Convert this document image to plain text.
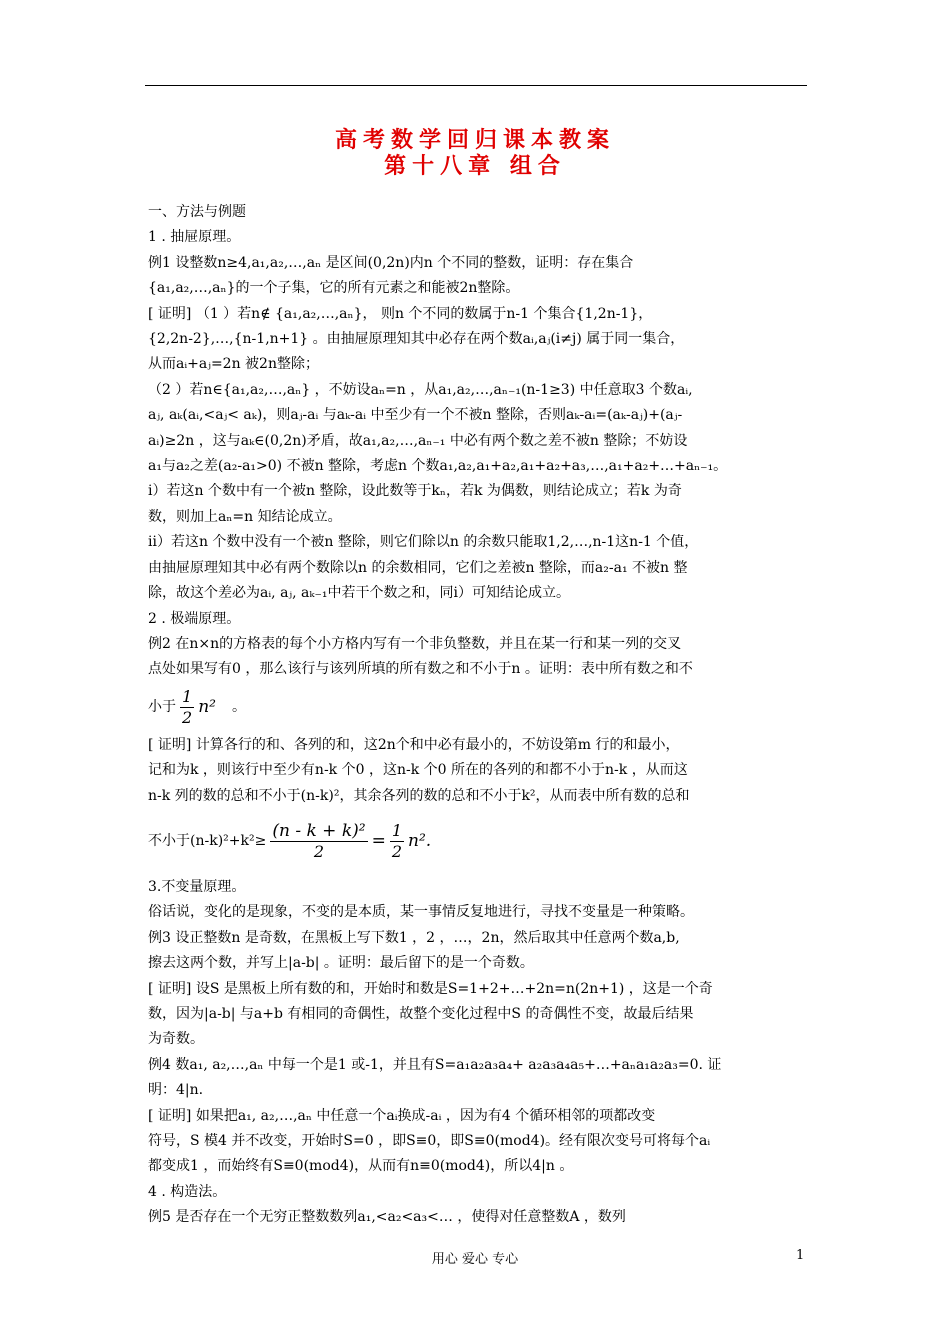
高考数学回归课本教案
第十八章 组合

一、方法与例题

1 . 抽屉原理。

例1 设整数n≥4,a₁,a₂,…,aₙ 是区间(0,2n)内n 个不同的整数，证明：存在集合

{a₁,a₂,…,aₙ}的一个子集，它的所有元素之和能被2n整除。

[ 证明] （1 ）若n∉ {a₁,a₂,…,aₙ}， 则n 个不同的数属于n-1 个集合{1,2n-1}，

{2,2n-2},…,{n-1,n+1} 。由抽屉原理知其中必存在两个数aᵢ,aⱼ(i≠j) 属于同一集合，

从而aᵢ+aⱼ=2n 被2n整除；

（2 ）若n∈{a₁,a₂,…,aₙ} ，不妨设aₙ=n ，从a₁,a₂,…,aₙ₋₁(n-1≥3) 中任意取3 个数aᵢ,

aⱼ, aₖ(aᵢ,<aⱼ< aₖ)，则aⱼ-aᵢ 与aₖ-aᵢ 中至少有一个不被n 整除，否则aₖ-aᵢ=(aₖ-aⱼ)+(aⱼ-

aᵢ)≥2n ，这与aₖ∈(0,2n)矛盾，故a₁,a₂,…,aₙ₋₁ 中必有两个数之差不被n 整除；不妨设

a₁与a₂之差(a₂-a₁>0) 不被n 整除，考虑n 个数a₁,a₂,a₁+a₂,a₁+a₂+a₃,…,a₁+a₂+…+aₙ₋₁。

ⅰ）若这n 个数中有一个被n 整除，设此数等于kₙ，若k 为偶数，则结论成立；若k 为奇

数，则加上aₙ=n 知结论成立。

ⅱ）若这n 个数中没有一个被n 整除，则它们除以n 的余数只能取1,2,…,n-1这n-1 个值，

由抽屉原理知其中必有两个数除以n 的余数相同，它们之差被n 整除，而a₂-a₁ 不被n 整

除，故这个差必为aᵢ, aⱼ, aₖ₋₁中若干个数之和，同ⅰ）可知结论成立。

2 . 极端原理。

例2 在n×n的方格表的每个小方格内写有一个非负整数，并且在某一行和某一列的交叉

点处如果写有0 ，那么该行与该列所填的所有数之和不小于n 。证明：表中所有数之和不

小于 $\frac{1}{2} n^2$ 。

[ 证明] 计算各行的和、各列的和，这2n个和中必有最小的，不妨设第m 行的和最小，

记和为k ，则该行中至少有n-k 个0 ，这n-k 个0 所在的各列的和都不小于n-k ，从而这

n-k 列的数的总和不小于(n-k)²，其余各列的数的总和不小于k²，从而表中所有数的总和

不小于$(n-k)^2+k^2\ge \frac{\text{(n - k + k)²}}{2} = \frac{1}{2} n^2$.

3.不变量原理。

俗话说，变化的是现象，不变的是本质，某一事情反复地进行，寻找不变量是一种策略。

例3 设正整数n 是奇数，在黑板上写下数1 ，2 ，…，2n，然后取其中任意两个数a,b,

擦去这两个数，并写上|a-b| 。证明：最后留下的是一个奇数。

[ 证明] 设S 是黑板上所有数的和，开始时和数是S=1+2+…+2n=n(2n+1) ，这是一个奇

数，因为|a-b| 与a+b 有相同的奇偶性，故整个变化过程中S 的奇偶性不变，故最后结果

为奇数。

例4 数a₁, a₂,…,aₙ 中每一个是1 或-1，并且有S=a₁a₂a₃a₄+ a₂a₃a₄a₅+…+aₙa₁a₂a₃=0. 证

明：4|n.

[ 证明] 如果把a₁, a₂,…,aₙ 中任意一个aᵢ换成-aᵢ ，因为有4 个循环相邻的项都改变

符号，S 模4 并不改变，开始时S=0 ，即S≡0，即S≡0(mod4)。经有限次变号可将每个aᵢ

都变成1 ，而始终有S≡0(mod4)，从而有n≡0(mod4)，所以4|n 。

4 . 构造法。

例5 是否存在一个无穷正整数数列a₁,<a₂<a₃<… ，使得对任意整数A ，数列

用心 爱心 专心	1
